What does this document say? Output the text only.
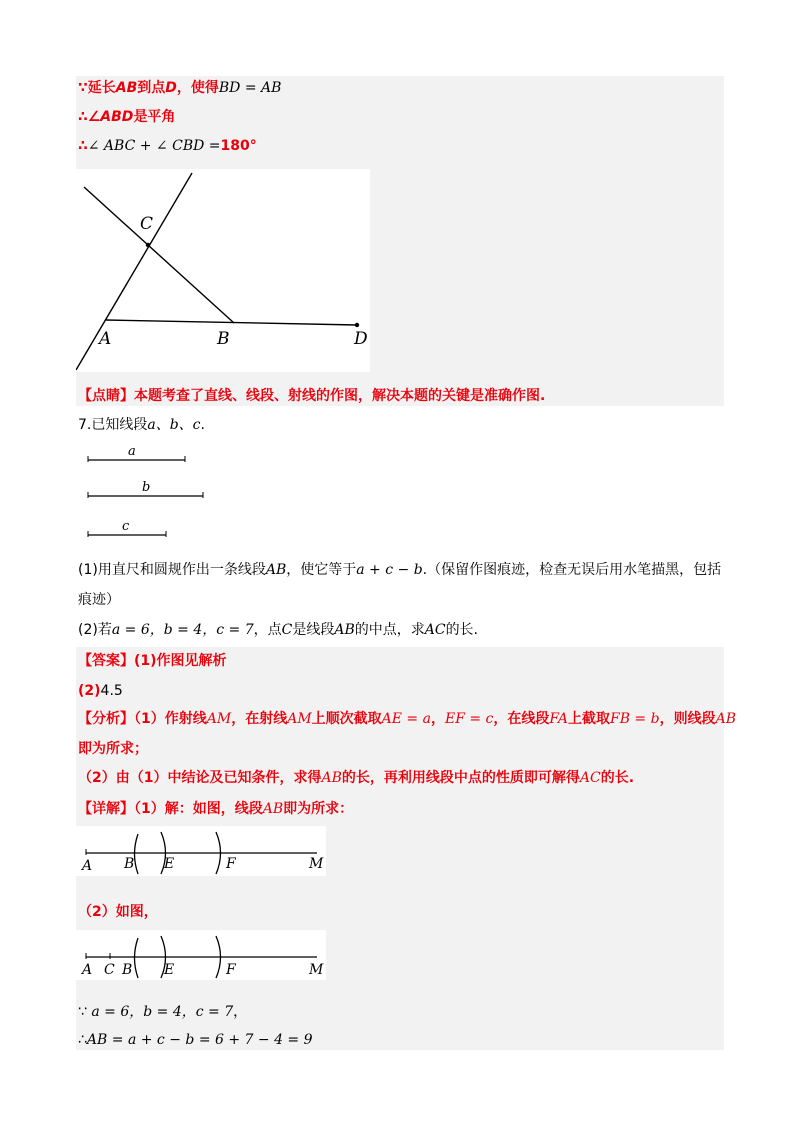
∵延长AB到点D，使得BD = AB
∴∠ABD是平角
∴∠ ABC + ∠ CBD =180°
C
A	B	D
【点睛】本题考查了直线、线段、射线的作图，解决本题的关键是准确作图.
7.已知线段a、b、c.
a
b
c
(1)用直尺和圆规作出一条线段AB，使它等于a + c − b.（保留作图痕迹，检查无误后用水笔描黑，包括
痕迹）
(2)若a = 6，b = 4，c = 7，点C是线段AB的中点，求AC的长.
【答案】(1)作图见解析
(2)4.5
【分析】（1）作射线AM，在射线AM上顺次截取AE = a，EF = c，在线段FA上截取FB = b，则线段AB
即为所求；
（2）由（1）中结论及已知条件，求得AB的长，再利用线段中点的性质即可解得AC的长.
【详解】（1）解：如图，线段AB即为所求：
A B E	F	M
（2）如图，
A C B E	F	M
∵ a = 6，b = 4，c = 7，
∴AB = a + c − b = 6 + 7 − 4 = 9
